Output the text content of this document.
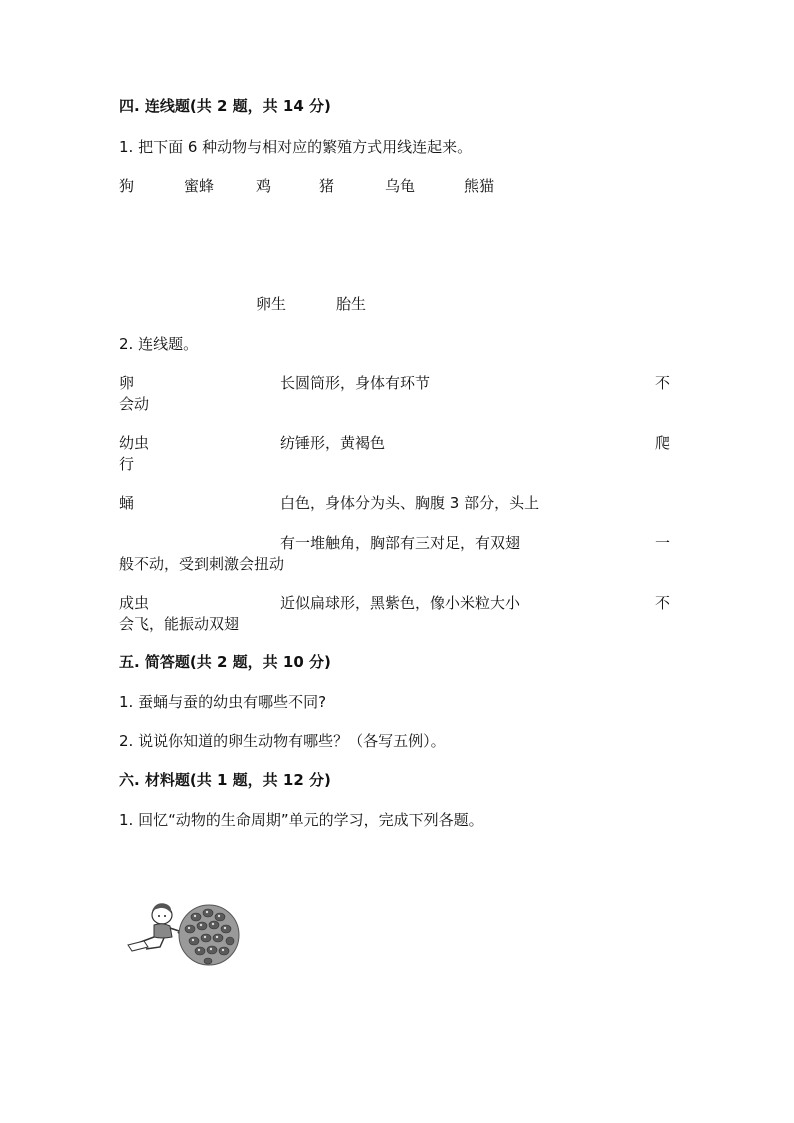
四. 连线题(共 2 题，共 14 分)
1. 把下面 6 种动物与相对应的繁殖方式用线连起来。
狗	蜜蜂	鸡	猪	乌龟	熊猫
卵生	胎生
2. 连线题。
卵	长圆筒形，身体有环节	不
会动
幼虫	纺锤形，黄褐色	爬
行
蛹	白色，身体分为头、胸腹 3 部分，头上
有一堆触角，胸部有三对足，有双翅	一
般不动，受到刺激会扭动
成虫	近似扁球形，黑紫色，像小米粒大小	不
会飞，能振动双翅
五. 简答题(共 2 题，共 10 分)
1. 蚕蛹与蚕的幼虫有哪些不同?
2. 说说你知道的卵生动物有哪些？（各写五例）。
六. 材料题(共 1 题，共 12 分)
1. 回忆“动物的生命周期”单元的学习，完成下列各题。
